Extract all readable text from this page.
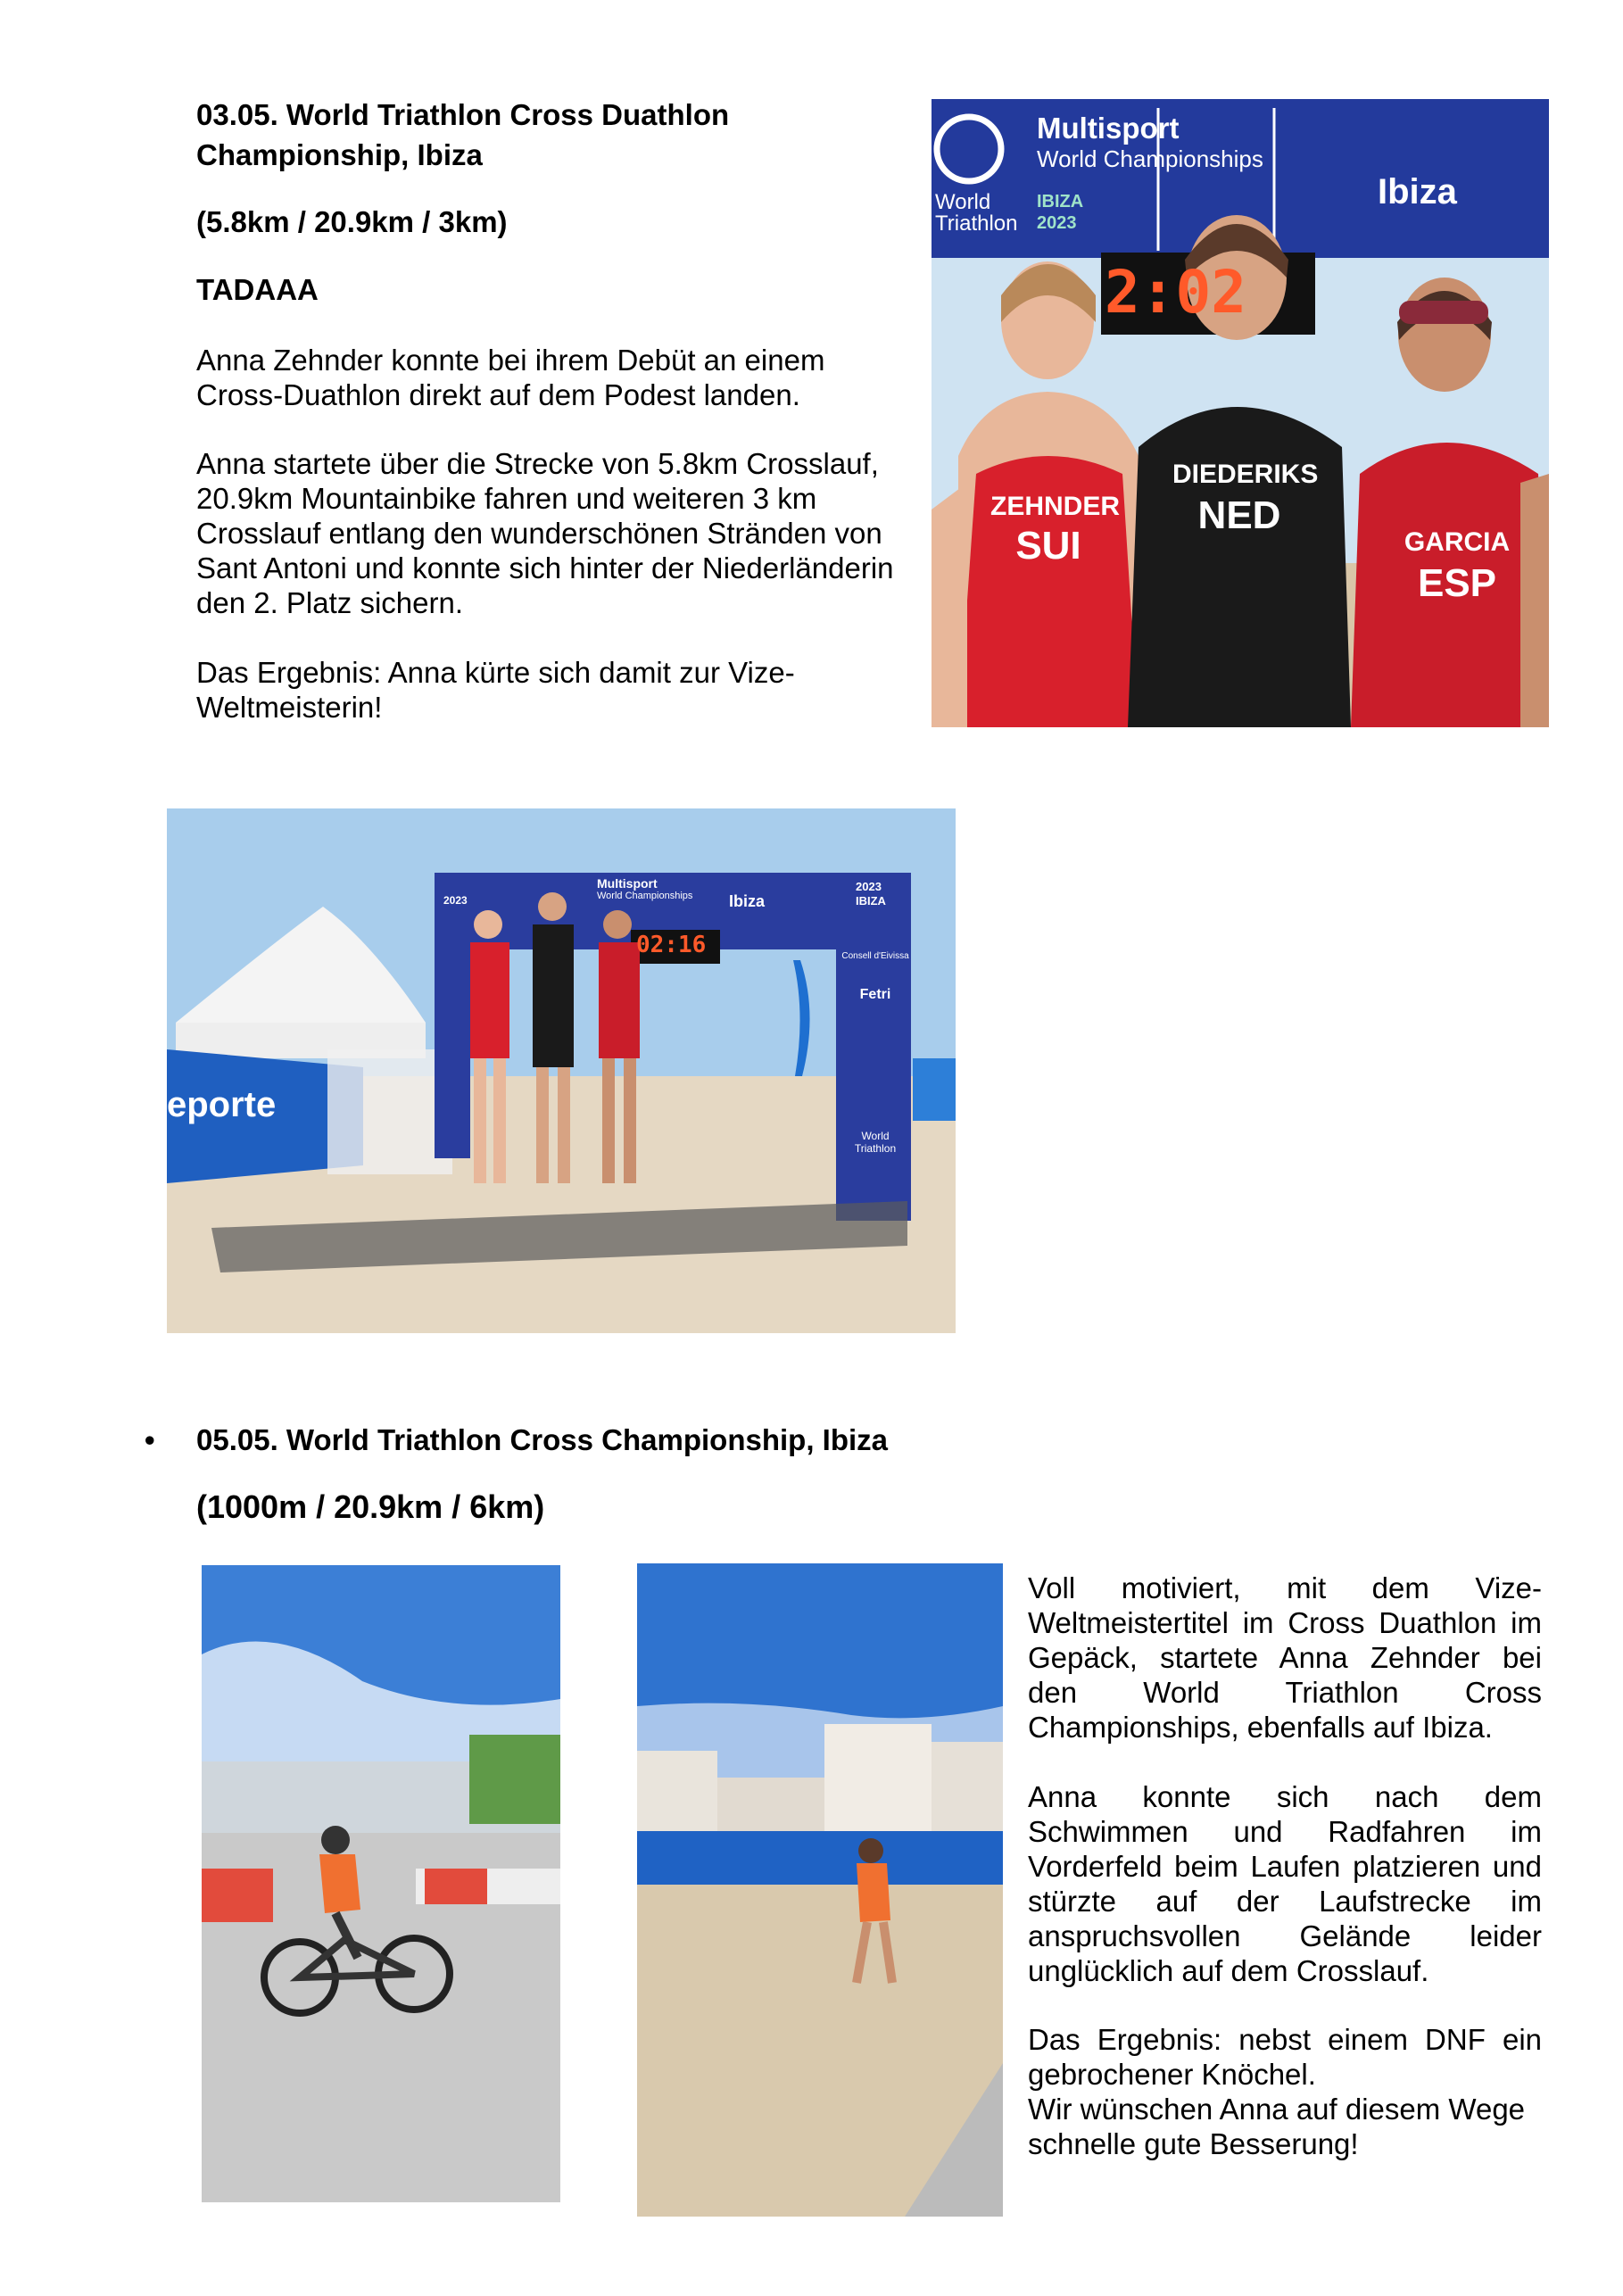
03.05. World Triathlon Cross Duathlon Championship, Ibiza
(5.8km / 20.9km / 3km)
TADAAA
Anna Zehnder konnte bei ihrem Debüt an einem Cross-Duathlon direkt auf dem Podest landen.
Anna startete über die Strecke von 5.8km Crosslauf, 20.9km Mountainbike fahren und weiteren 3 km Crosslauf entlang den wunderschönen Stränden von Sant Antoni und konnte sich hinter der Niederländerin den 2. Platz sichern.
Das Ergebnis: Anna kürte sich damit zur Vize-Weltmeisterin!
World Triathlon
Multisport
World Championships
IBIZA
2023
Ibiza
2:02
ZEHNDER
SUI
DIEDERIKS
NED
GARCIA
ESP
2023
2023
IBIZA
Multisport
World Championships Ibiza
02:16
eporte
Consell d'Eivissa
Fetri
World Triathlon
• 05.05. World Triathlon Cross Championship, Ibiza
(1000m / 20.9km / 6km)
Voll motiviert, mit dem Vize-Weltmeistertitel im Cross Duathlon im Gepäck, startete Anna Zehnder bei den World Triathlon Cross Championships, ebenfalls auf Ibiza.
Anna konnte sich nach dem Schwimmen und Radfahren im Vorderfeld beim Laufen platzieren und stürzte auf der Laufstrecke im anspruchsvollen Gelände leider unglücklich auf dem Crosslauf.
Das Ergebnis: nebst einem DNF ein gebrochener Knöchel.
Wir wünschen Anna auf diesem Wege schnelle gute Besserung!
